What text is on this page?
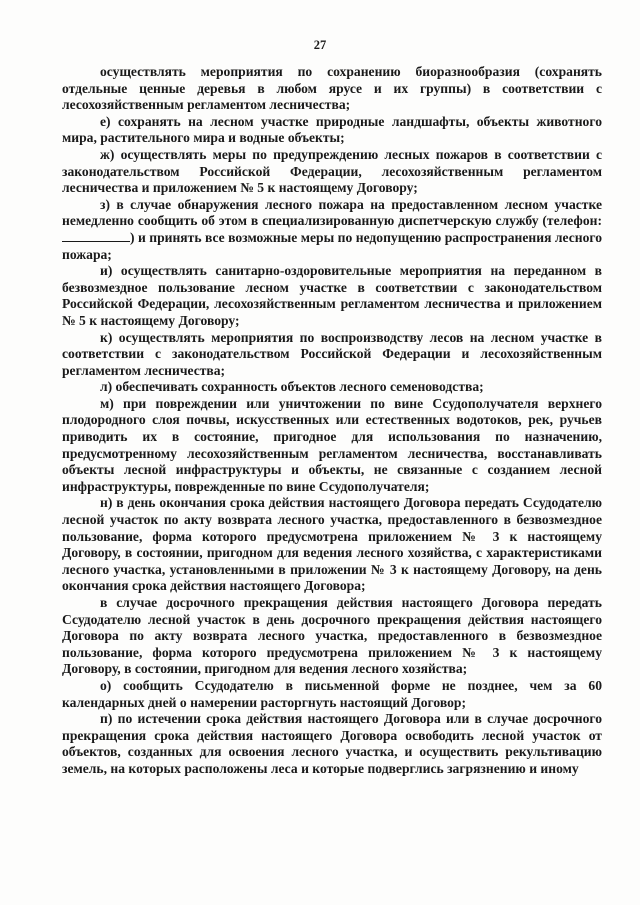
27

осуществлять мероприятия по сохранению биоразнообразия (сохранять отдельные ценные деревья в любом ярусе и их группы) в соответствии с лесохозяйственным регламентом лесничества;

е) сохранять на лесном участке природные ландшафты, объекты животного мира, растительного мира и водные объекты;

ж) осуществлять меры по предупреждению лесных пожаров в соответствии с законодательством Российской Федерации, лесохозяйственным регламентом лесничества и приложением № 5 к настоящему Договору;

з) в случае обнаружения лесного пожара на предоставленном лесном участке немедленно сообщить об этом в специализированную диспетчерскую службу (телефон: ) и принять все возможные меры по недопущению распространения лесного пожара;

и) осуществлять санитарно-оздоровительные мероприятия на переданном в безвозмездное пользование лесном участке в соответствии с законодательством Российской Федерации, лесохозяйственным регламентом лесничества и приложением № 5 к настоящему Договору;

к) осуществлять мероприятия по воспроизводству лесов на лесном участке в соответствии с законодательством Российской Федерации и лесохозяйственным регламентом лесничества;

л) обеспечивать сохранность объектов лесного семеноводства;

м) при повреждении или уничтожении по вине Ссудополучателя верхнего плодородного слоя почвы, искусственных или естественных водотоков, рек, ручьев приводить их в состояние, пригодное для использования по назначению, предусмотренному лесохозяйственным регламентом лесничества, восстанавливать объекты лесной инфраструктуры и объекты, не связанные с созданием лесной инфраструктуры, поврежденные по вине Ссудополучателя;

н) в день окончания срока действия настоящего Договора передать Ссудодателю лесной участок по акту возврата лесного участка, предоставленного в безвозмездное пользование, форма которого предусмотрена приложением № 3 к настоящему Договору, в состоянии, пригодном для ведения лесного хозяйства, с характеристиками лесного участка, установленными в приложении № 3 к настоящему Договору, на день окончания срока действия настоящего Договора;

в случае досрочного прекращения действия настоящего Договора передать Ссудодателю лесной участок в день досрочного прекращения действия настоящего Договора по акту возврата лесного участка, предоставленного в безвозмездное пользование, форма которого предусмотрена приложением № 3 к настоящему Договору, в состоянии, пригодном для ведения лесного хозяйства;

о) сообщить Ссудодателю в письменной форме не позднее, чем за 60 календарных дней о намерении расторгнуть настоящий Договор;

п) по истечении срока действия настоящего Договора или в случае досрочного прекращения срока действия настоящего Договора освободить лесной участок от объектов, созданных для освоения лесного участка, и осуществить рекультивацию земель, на которых расположены леса и которые подверглись загрязнению и иному
